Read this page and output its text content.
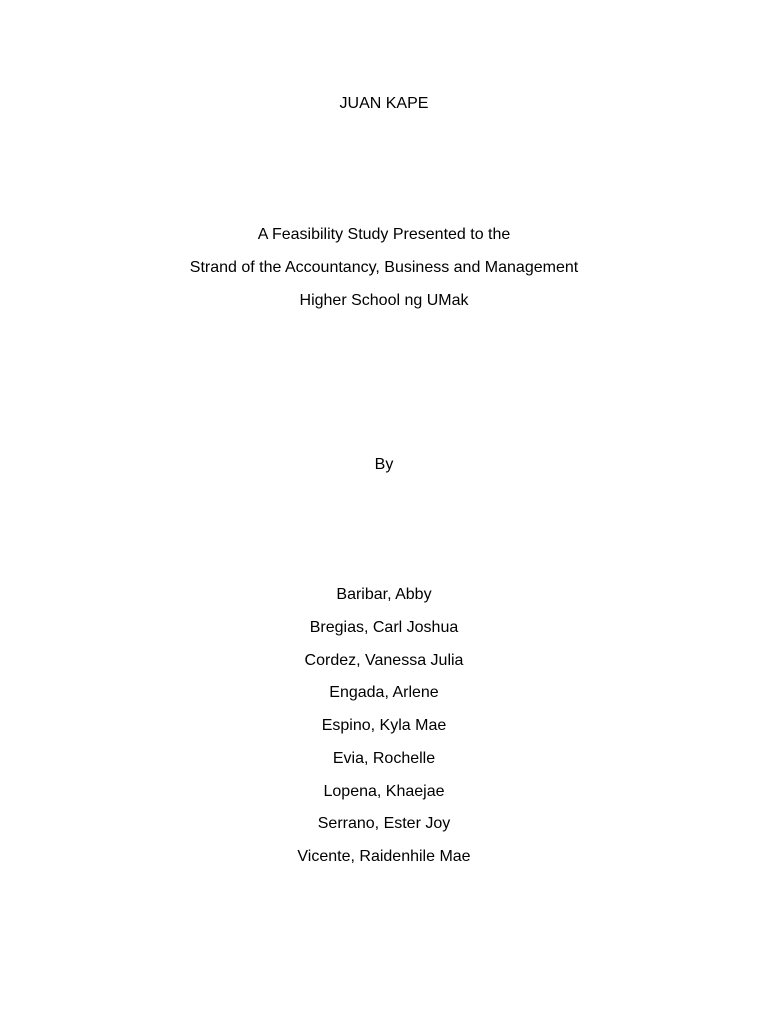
JUAN KAPE
A Feasibility Study Presented to the
Strand of the Accountancy, Business and Management
Higher School ng UMak
By
Baribar, Abby
Bregias, Carl Joshua
Cordez, Vanessa Julia
Engada, Arlene
Espino, Kyla Mae
Evia, Rochelle
Lopena, Khaejae
Serrano, Ester Joy
Vicente, Raidenhile Mae
